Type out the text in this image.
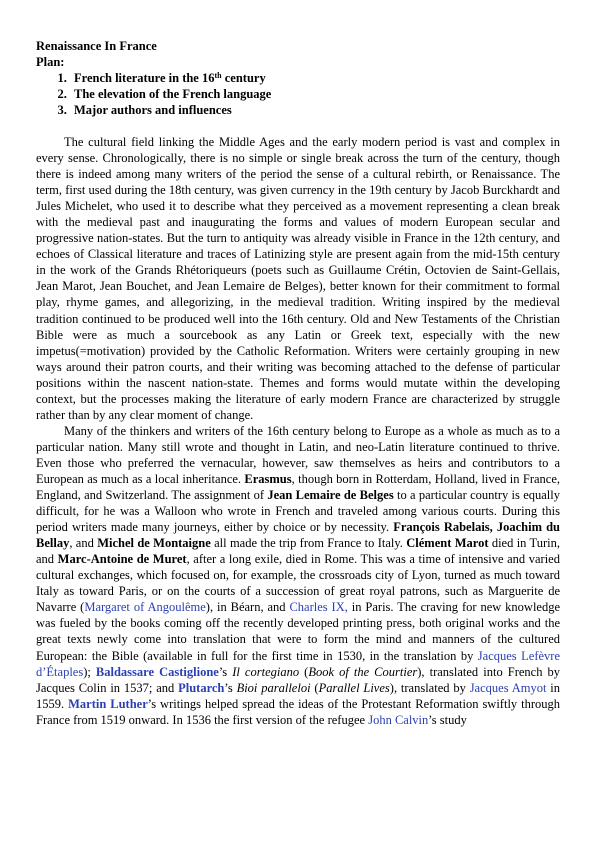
Renaissance In France
Plan:
1. French literature in the 16th century
2. The elevation of the French language
3. Major authors and influences

The cultural field linking the Middle Ages and the early modern period is vast and complex in every sense. Chronologically, there is no simple or single break across the turn of the century, though there is indeed among many writers of the period the sense of a cultural rebirth, or Renaissance. The term, first used during the 18th century, was given currency in the 19th century by Jacob Burckhardt and Jules Michelet, who used it to describe what they perceived as a movement representing a clean break with the medieval past and inaugurating the forms and values of modern European secular and progressive nation-states. But the turn to antiquity was already visible in France in the 12th century, and echoes of Classical literature and traces of Latinizing style are present again from the mid-15th century in the work of the Grands Rhétoriqueurs (poets such as Guillaume Crétin, Octovien de Saint-Gellais, Jean Marot, Jean Bouchet, and Jean Lemaire de Belges), better known for their commitment to formal play, rhyme games, and allegorizing, in the medieval tradition. Writing inspired by the medieval tradition continued to be produced well into the 16th century. Old and New Testaments of the Christian Bible were as much a sourcebook as any Latin or Greek text, especially with the new impetus(=motivation) provided by the Catholic Reformation. Writers were certainly grouping in new ways around their patron courts, and their writing was becoming attached to the defense of particular positions within the nascent nation-state. Themes and forms would mutate within the developing context, but the processes making the literature of early modern France are characterized by struggle rather than by any clear moment of change.

Many of the thinkers and writers of the 16th century belong to Europe as a whole as much as to a particular nation. Many still wrote and thought in Latin, and neo-Latin literature continued to thrive. Even those who preferred the vernacular, however, saw themselves as heirs and contributors to a European as much as a local inheritance. Erasmus, though born in Rotterdam, Holland, lived in France, England, and Switzerland. The assignment of Jean Lemaire de Belges to a particular country is equally difficult, for he was a Walloon who wrote in French and traveled among various courts. During this period writers made many journeys, either by choice or by necessity. François Rabelais, Joachim du Bellay, and Michel de Montaigne all made the trip from France to Italy. Clément Marot died in Turin, and Marc-Antoine de Muret, after a long exile, died in Rome. This was a time of intensive and varied cultural exchanges, which focused on, for example, the crossroads city of Lyon, turned as much toward Italy as toward Paris, or on the courts of a succession of great royal patrons, such as Marguerite de Navarre (Margaret of Angoulême), in Béarn, and Charles IX, in Paris. The craving for new knowledge was fueled by the books coming off the recently developed printing press, both original works and the great texts newly come into translation that were to form the mind and manners of the cultured European: the Bible (available in full for the first time in 1530, in the translation by Jacques Lefèvre d’Étaples); Baldassare Castiglione’s Il cortegiano (Book of the Courtier), translated into French by Jacques Colin in 1537; and Plutarch’s Bioi paralleloi (Parallel Lives), translated by Jacques Amyot in 1559. Martin Luther’s writings helped spread the ideas of the Protestant Reformation swiftly through France from 1519 onward. In 1536 the first version of the refugee John Calvin’s study
